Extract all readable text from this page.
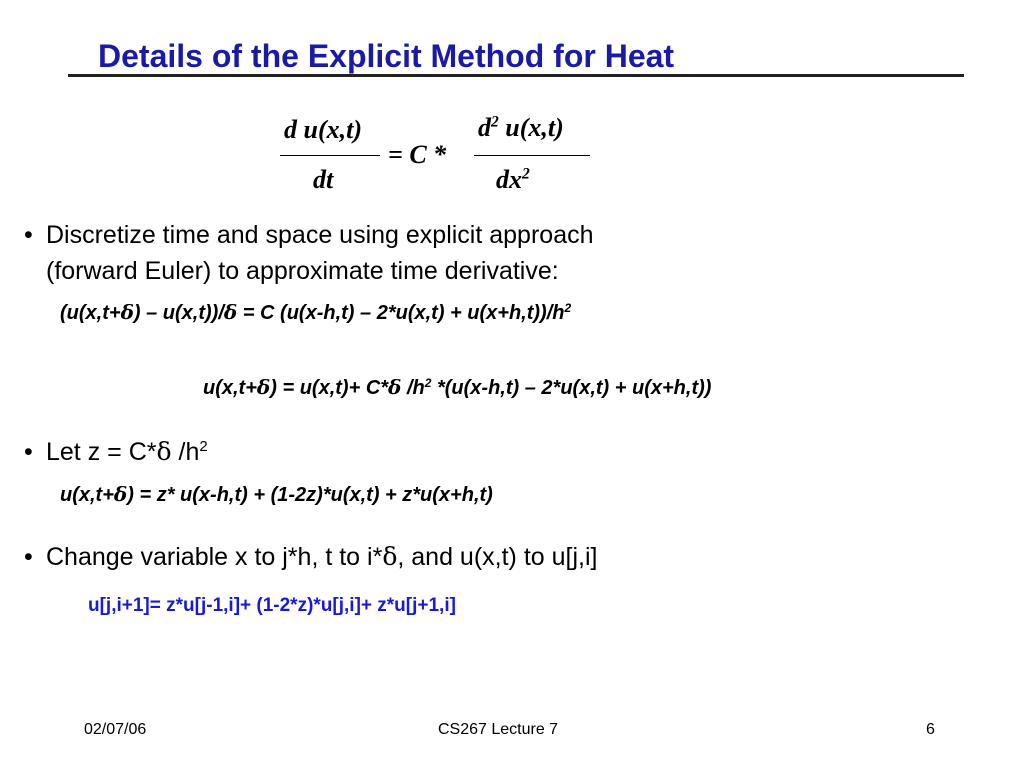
Details of the Explicit Method for Heat
d u(x,t)
dt
= C *
$d^2$ u(x,t)
$dx^2$
• Discretize time and space using explicit approach
(forward Euler) to approximate time derivative:
(u(x,t+δ) – u(x,t))/δ = C $(u(x-h,t) - 2*u(x,t) + u(x+h,t))/h^2$
u(x,t+δ) = u(x,t)+ C*δ $/h^2$ *(u(x-h,t) – 2*u(x,t) + u(x+h,t))
• Let z = C*δ $/h^2$
u(x,t+δ) = z* u(x-h,t) + (1-2z)*u(x,t) + z*u(x+h,t)
• Change variable x to j*h, t to i*δ, and u(x,t) to u[j,i]
u[j,i+1]= z*u[j-1,i]+ (1-2*z)*u[j,i]+ z*u[j+1,i]
02/07/06	CS267 Lecture 7	6
